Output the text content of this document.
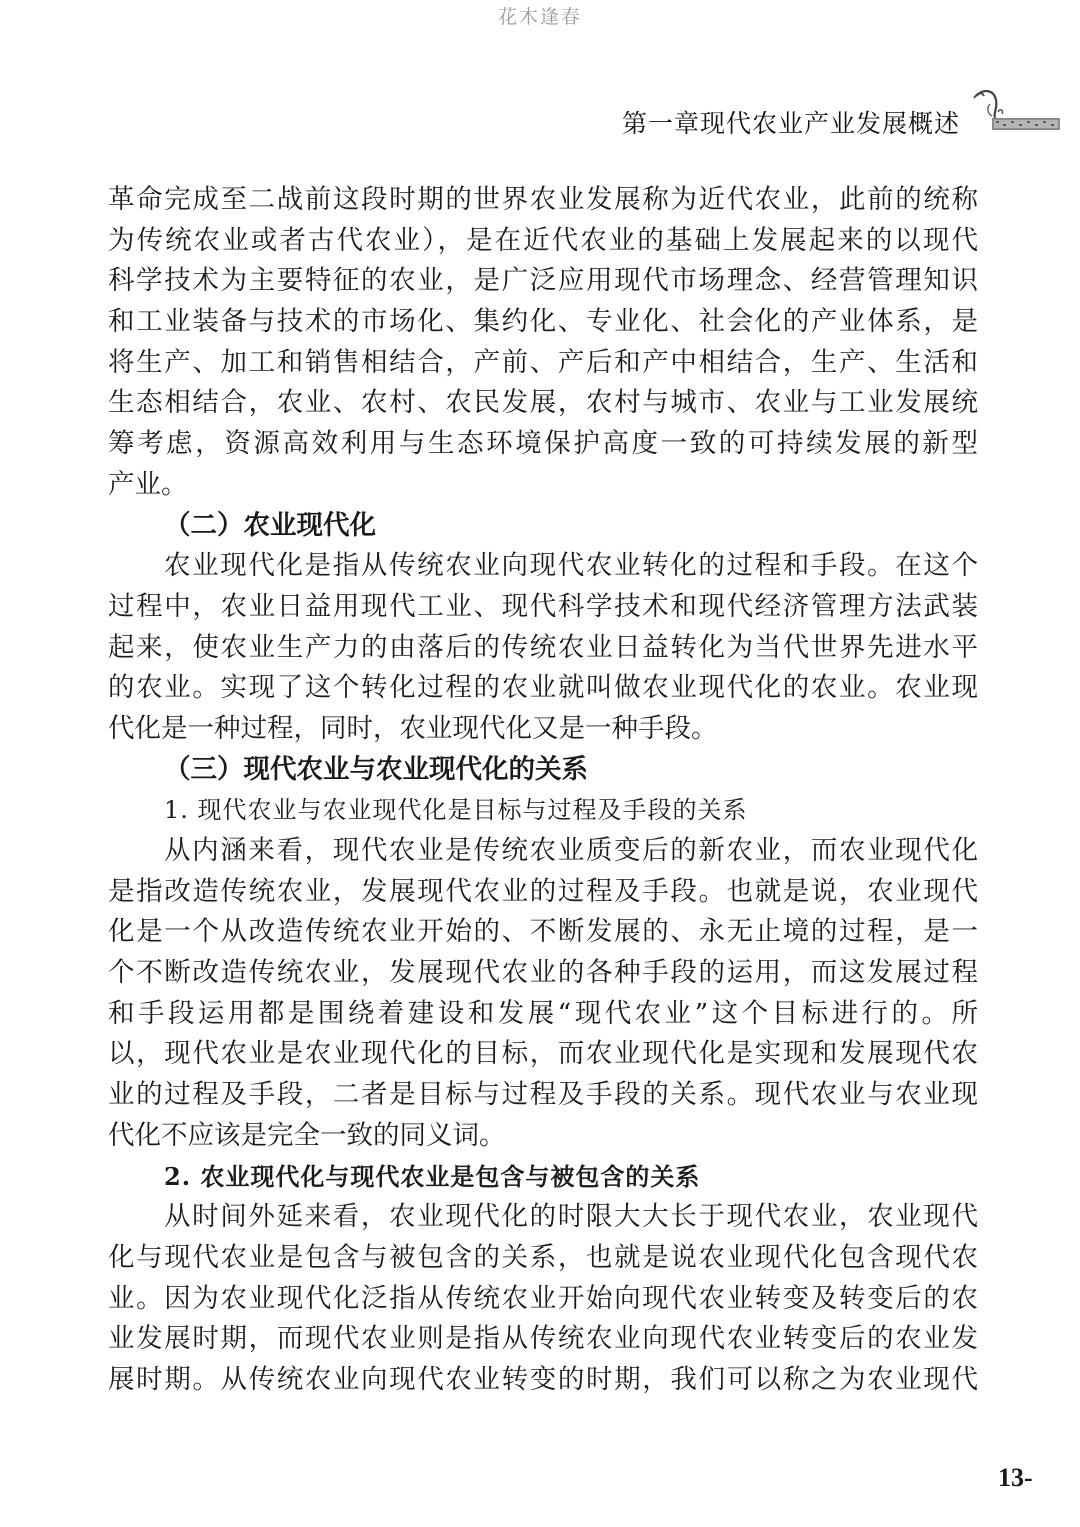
花木逢春
第一章现代农业产业发展概述
革命完成至二战前这段时期的世界农业发展称为近代农业，此前的统称
为传统农业或者古代农业），是在近代农业的基础上发展起来的以现代
科学技术为主要特征的农业，是广泛应用现代市场理念、经营管理知识
和工业装备与技术的市场化、集约化、专业化、社会化的产业体系，是
将生产、加工和销售相结合，产前、产后和产中相结合，生产、生活和
生态相结合，农业、农村、农民发展，农村与城市、农业与工业发展统
筹考虑，资源高效利用与生态环境保护高度一致的可持续发展的新型
产业。
（二）农业现代化
农业现代化是指从传统农业向现代农业转化的过程和手段。在这个
过程中，农业日益用现代工业、现代科学技术和现代经济管理方法武装
起来，使农业生产力的由落后的传统农业日益转化为当代世界先进水平
的农业。实现了这个转化过程的农业就叫做农业现代化的农业。农业现
代化是一种过程，同时，农业现代化又是一种手段。
（三）现代农业与农业现代化的关系
1. 现代农业与农业现代化是目标与过程及手段的关系
从内涵来看，现代农业是传统农业质变后的新农业，而农业现代化
是指改造传统农业，发展现代农业的过程及手段。也就是说，农业现代
化是一个从改造传统农业开始的、不断发展的、永无止境的过程，是一
个不断改造传统农业，发展现代农业的各种手段的运用，而这发展过程
和手段运用都是围绕着建设和发展“现代农业”这个目标进行的。所
以，现代农业是农业现代化的目标，而农业现代化是实现和发展现代农
业的过程及手段，二者是目标与过程及手段的关系。现代农业与农业现
代化不应该是完全一致的同义词。
2. 农业现代化与现代农业是包含与被包含的关系
从时间外延来看，农业现代化的时限大大长于现代农业，农业现代
化与现代农业是包含与被包含的关系，也就是说农业现代化包含现代农
业。因为农业现代化泛指从传统农业开始向现代农业转变及转变后的农
业发展时期，而现代农业则是指从传统农业向现代农业转变后的农业发
展时期。从传统农业向现代农业转变的时期，我们可以称之为农业现代
13-
